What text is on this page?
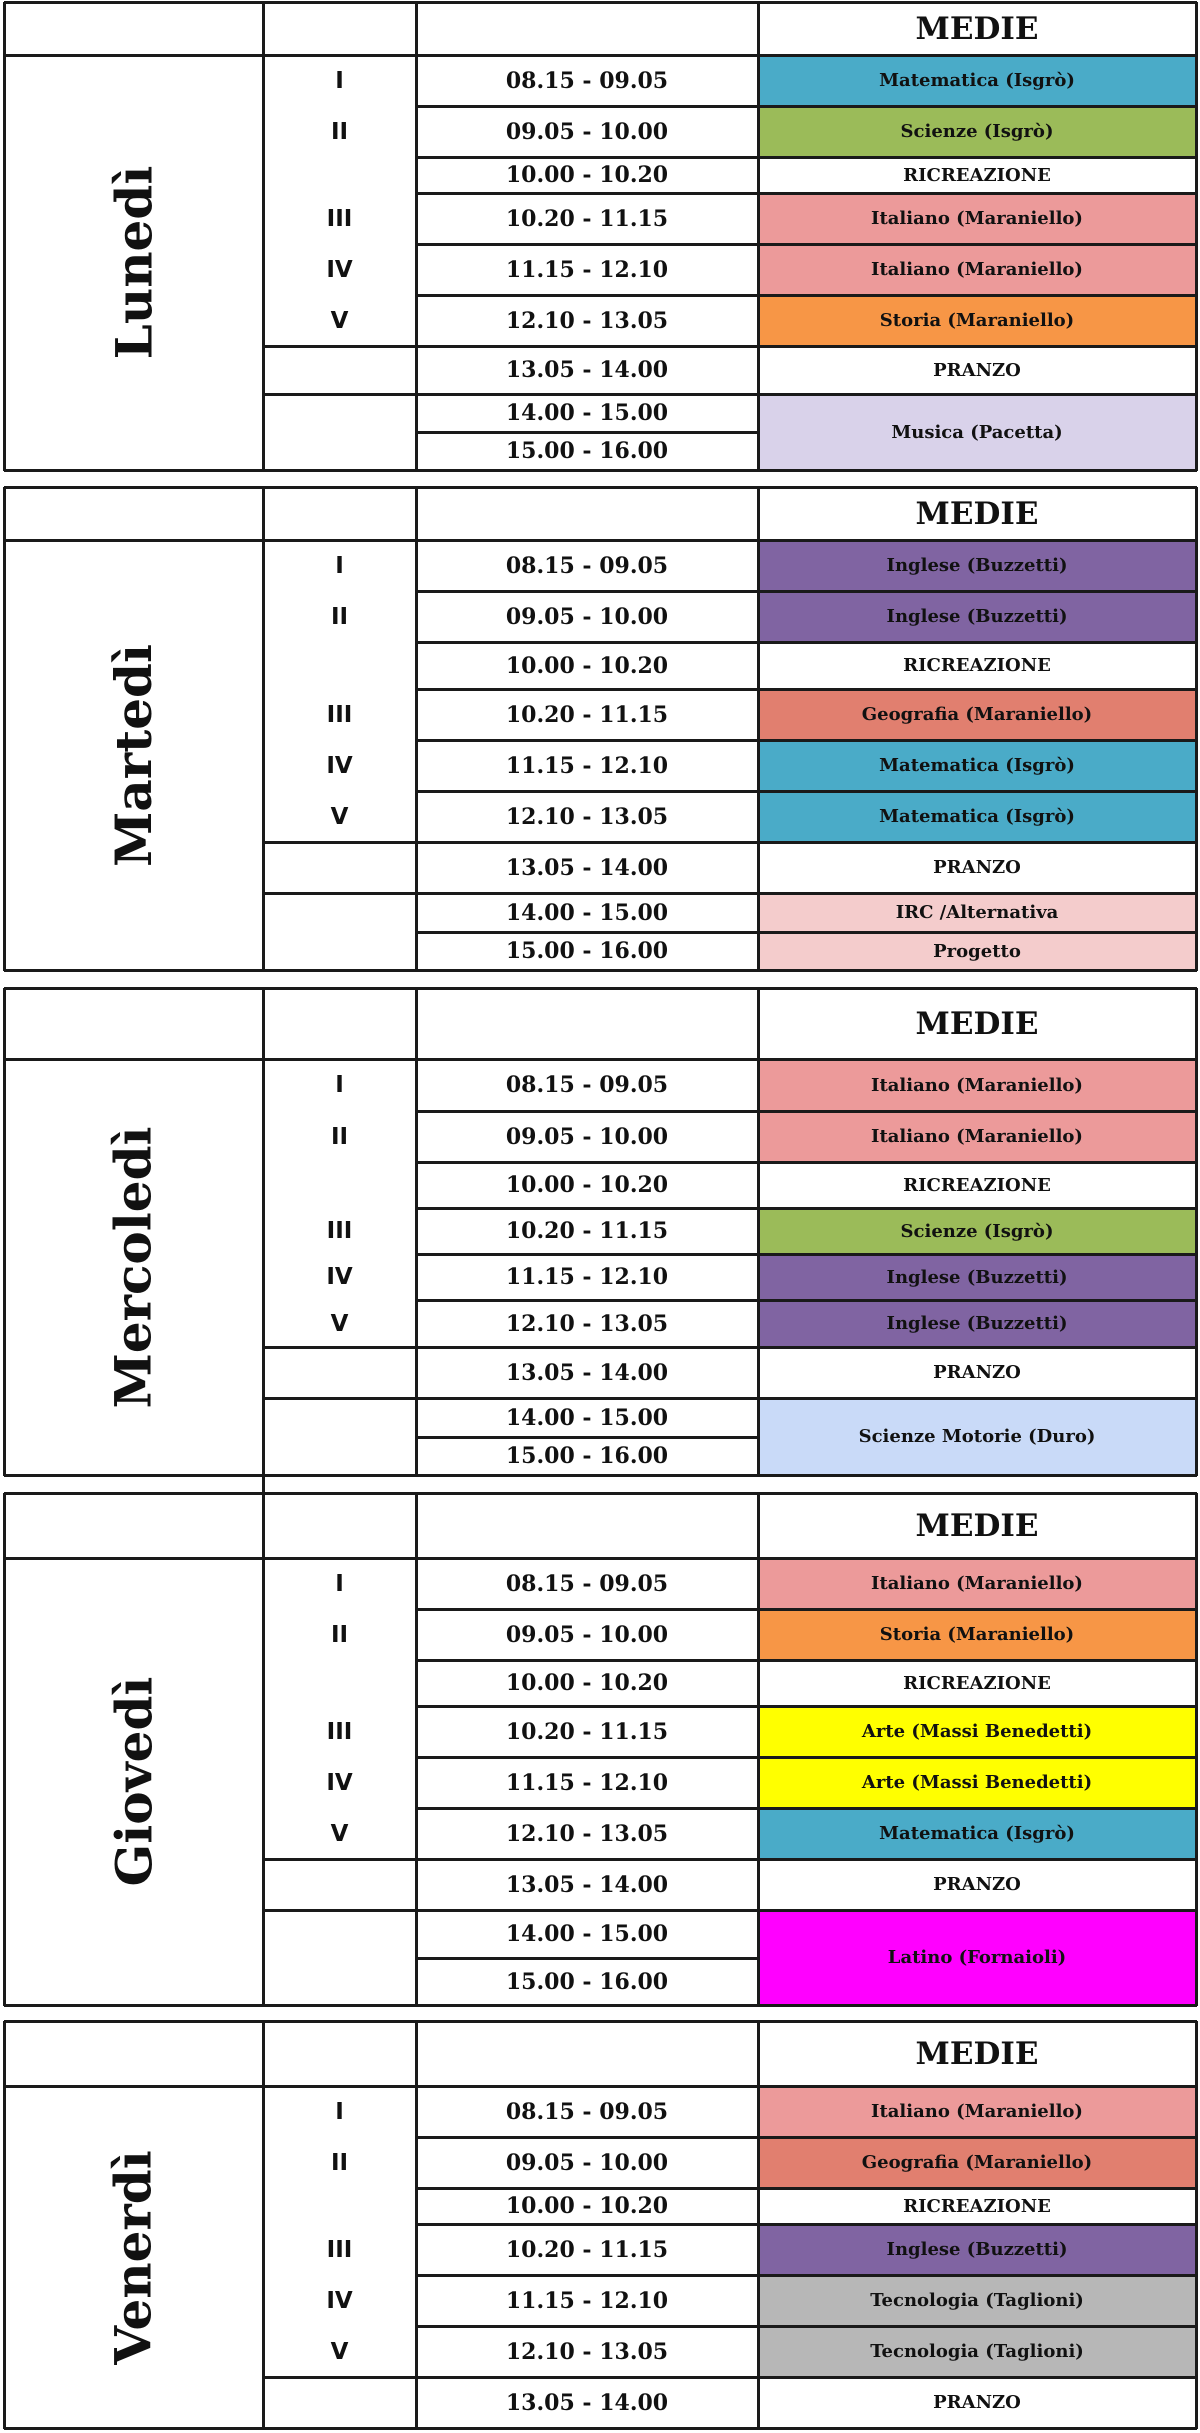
Matematica (Isgrò)
Scienze (Isgrò)
RICREAZIONE
Italiano (Maraniello)
Italiano (Maraniello)
Storia (Maraniello)
PRANZO
Musica (Pacetta)
MEDIE
Lunedì
08.15 - 09.05
I
09.05 - 10.00
II
10.00 - 10.20
10.20 - 11.15
III
11.15 - 12.10
IV
12.10 - 13.05
V
13.05 - 14.00
14.00 - 15.00
15.00 - 16.00
Inglese (Buzzetti)
Inglese (Buzzetti)
RICREAZIONE
Geografia (Maraniello)
Matematica (Isgrò)
Matematica (Isgrò)
PRANZO
IRC /Alternativa
Progetto
MEDIE
Martedì
08.15 - 09.05
I
09.05 - 10.00
II
10.00 - 10.20
10.20 - 11.15
III
11.15 - 12.10
IV
12.10 - 13.05
V
13.05 - 14.00
14.00 - 15.00
15.00 - 16.00
Italiano (Maraniello)
Italiano (Maraniello)
RICREAZIONE
Scienze (Isgrò)
Inglese (Buzzetti)
Inglese (Buzzetti)
PRANZO
Scienze Motorie (Duro)
MEDIE
Mercoledì
08.15 - 09.05
I
09.05 - 10.00
II
10.00 - 10.20
10.20 - 11.15
III
11.15 - 12.10
IV
12.10 - 13.05
V
13.05 - 14.00
14.00 - 15.00
15.00 - 16.00
Italiano (Maraniello)
Storia (Maraniello)
RICREAZIONE
Arte (Massi Benedetti)
Arte (Massi Benedetti)
Matematica (Isgrò)
PRANZO
Latino (Fornaioli)
MEDIE
Giovedì
08.15 - 09.05
I
09.05 - 10.00
II
10.00 - 10.20
10.20 - 11.15
III
11.15 - 12.10
IV
12.10 - 13.05
V
13.05 - 14.00
14.00 - 15.00
15.00 - 16.00
Italiano (Maraniello)
Geografia (Maraniello)
RICREAZIONE
Inglese (Buzzetti)
Tecnologia (Taglioni)
Tecnologia (Taglioni)
PRANZO
MEDIE
Venerdì
08.15 - 09.05
I
09.05 - 10.00
II
10.00 - 10.20
10.20 - 11.15
III
11.15 - 12.10
IV
12.10 - 13.05
V
13.05 - 14.00
